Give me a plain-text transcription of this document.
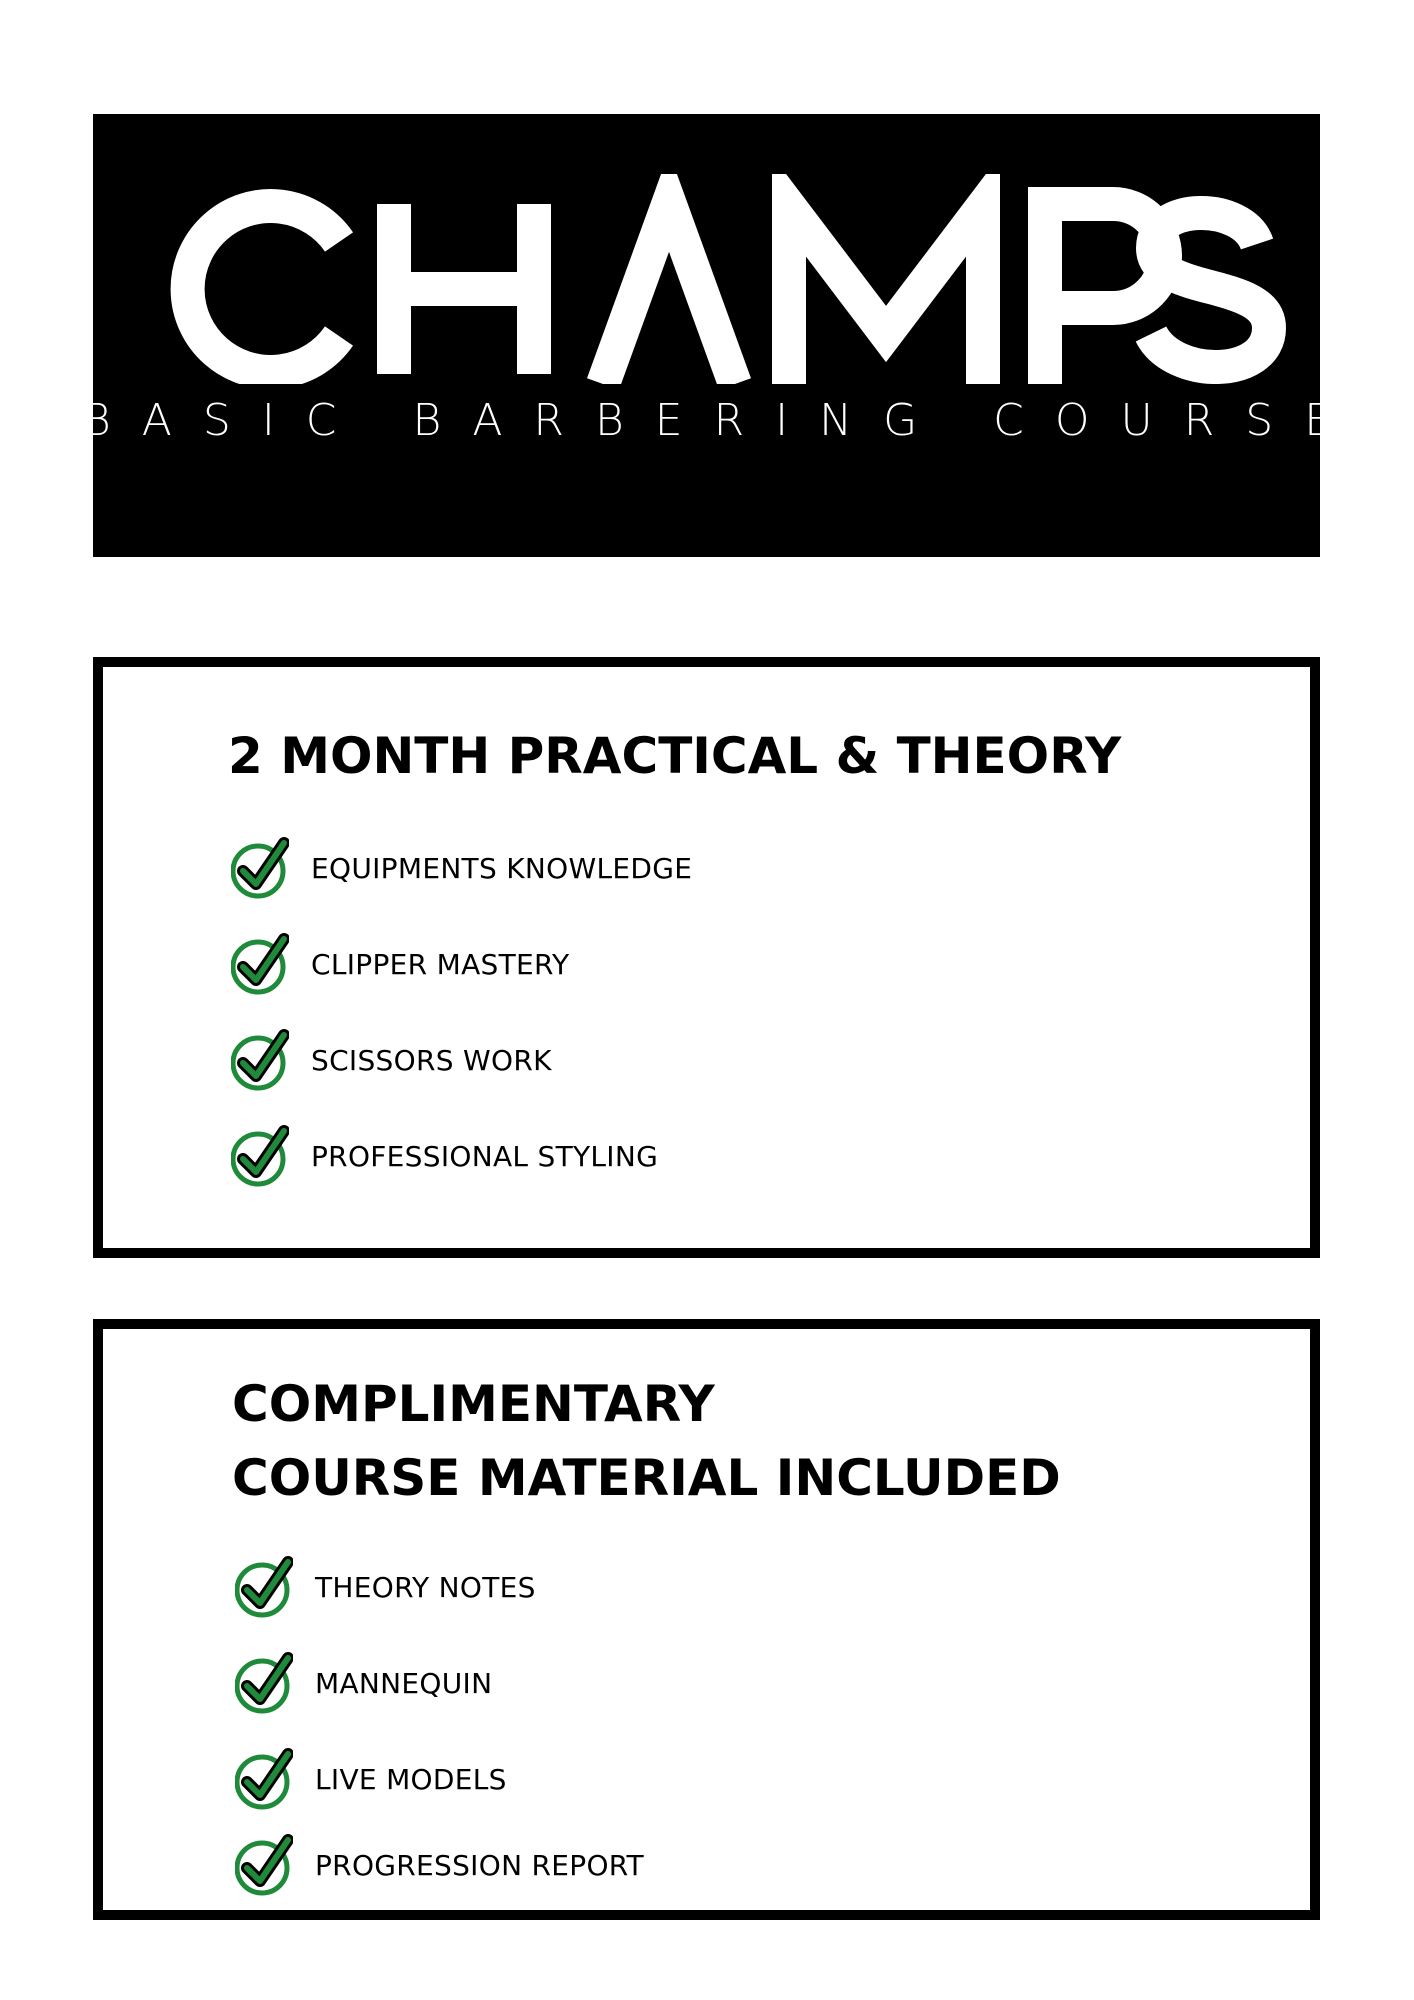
BASIC BARBERING COURSE
2 MONTH PRACTICAL & THEORY
EQUIPMENTS KNOWLEDGE
CLIPPER MASTERY
SCISSORS WORK
PROFESSIONAL STYLING
COMPLIMENTARY
COURSE MATERIAL INCLUDED
THEORY NOTES
MANNEQUIN
LIVE MODELS
PROGRESSION REPORT
